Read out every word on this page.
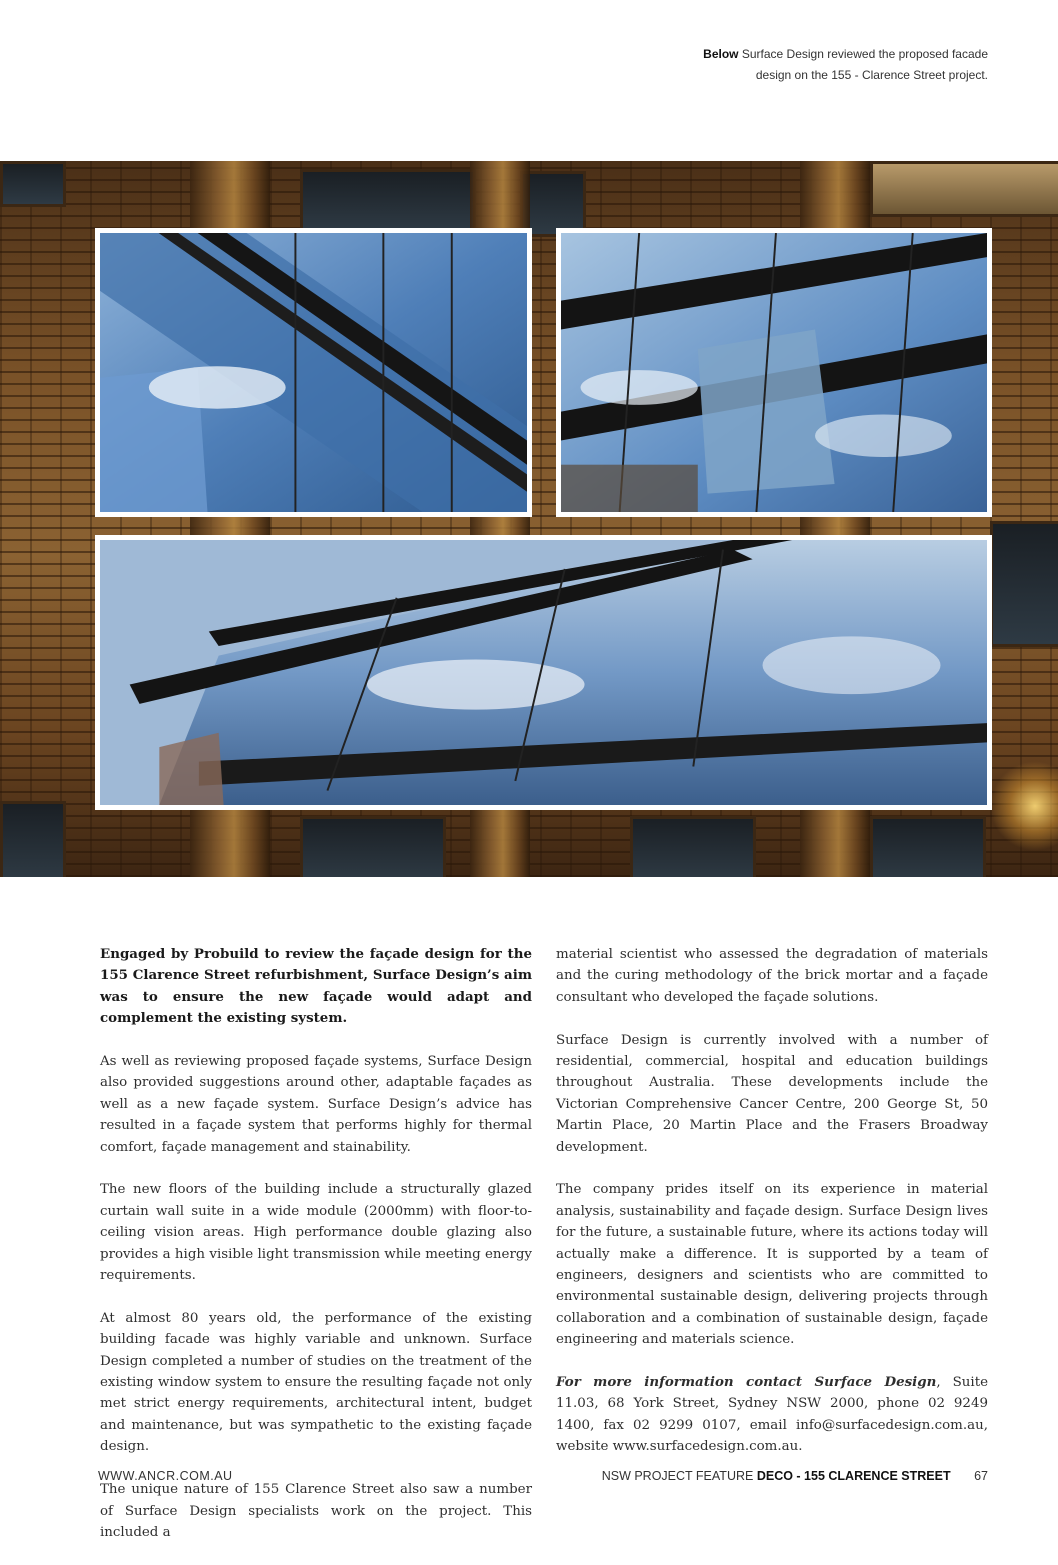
Below Surface Design reviewed the proposed facade design on the 155 - Clarence Street project.

Engaged by Probuild to review the façade design for the 155 Clarence Street refurbishment, Surface Design’s aim was to ensure the new façade would adapt and complement the existing system.

As well as reviewing proposed façade systems, Surface Design also provided suggestions around other, adaptable façades as well as a new façade system. Surface Design’s advice has resulted in a façade system that performs highly for thermal comfort, façade management and stainability.

The new floors of the building include a structurally glazed curtain wall suite in a wide module (2000mm) with floor-to-ceiling vision areas. High performance double glazing also provides a high visible light transmission while meeting energy requirements.

At almost 80 years old, the performance of the existing building facade was highly variable and unknown. Surface Design completed a number of studies on the treatment of the existing window system to ensure the resulting façade not only met strict energy requirements, architectural intent, budget and maintenance, but was sympathetic to the existing façade design.

The unique nature of 155 Clarence Street also saw a number of Surface Design specialists work on the project. This included a

material scientist who assessed the degradation of materials and the curing methodology of the brick mortar and a façade consultant who developed the façade solutions.

Surface Design is currently involved with a number of residential, commercial, hospital and education buildings throughout Australia. These developments include the Victorian Comprehensive Cancer Centre, 200 George St, 50 Martin Place, 20 Martin Place and the Frasers Broadway development.

The company prides itself on its experience in material analysis, sustainability and façade design. Surface Design lives for the future, a sustainable future, where its actions today will actually make a difference. It is supported by a team of engineers, designers and scientists who are committed to environmental sustainable design, delivering projects through collaboration and a combination of sustainable design, façade engineering and materials science.

For more information contact Surface Design, Suite 11.03, 68 York Street, Sydney NSW 2000, phone 02 9249 1400, fax 02 9299 0107, email info@surfacedesign.com.au, website www.surfacedesign.com.au.

WWW.ANCR.COM.AU	NSW PROJECT FEATURE DECO - 155 CLARENCE STREET 67
